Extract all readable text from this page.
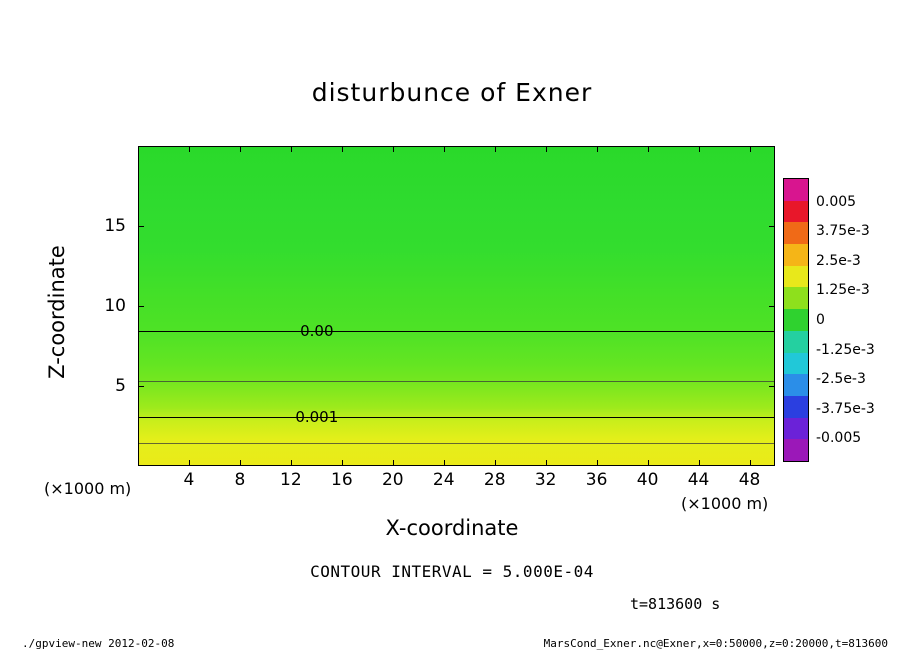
disturbunce of Exner
0.00
0.001
4 8 12 16 20 24 28 32 36 40 44 48
5
10
15
X-coordinate
Z-coordinate
(×1000 m)
(×1000 m)
0.005
3.75e-3
2.5e-3
1.25e-3
0
-1.25e-3
-2.5e-3
-3.75e-3
-0.005
CONTOUR INTERVAL = 5.000E-04
t=813600 s
./gpview-new 2012-02-08	MarsCond_Exner.nc@Exner,x=0:50000,z=0:20000,t=813600
